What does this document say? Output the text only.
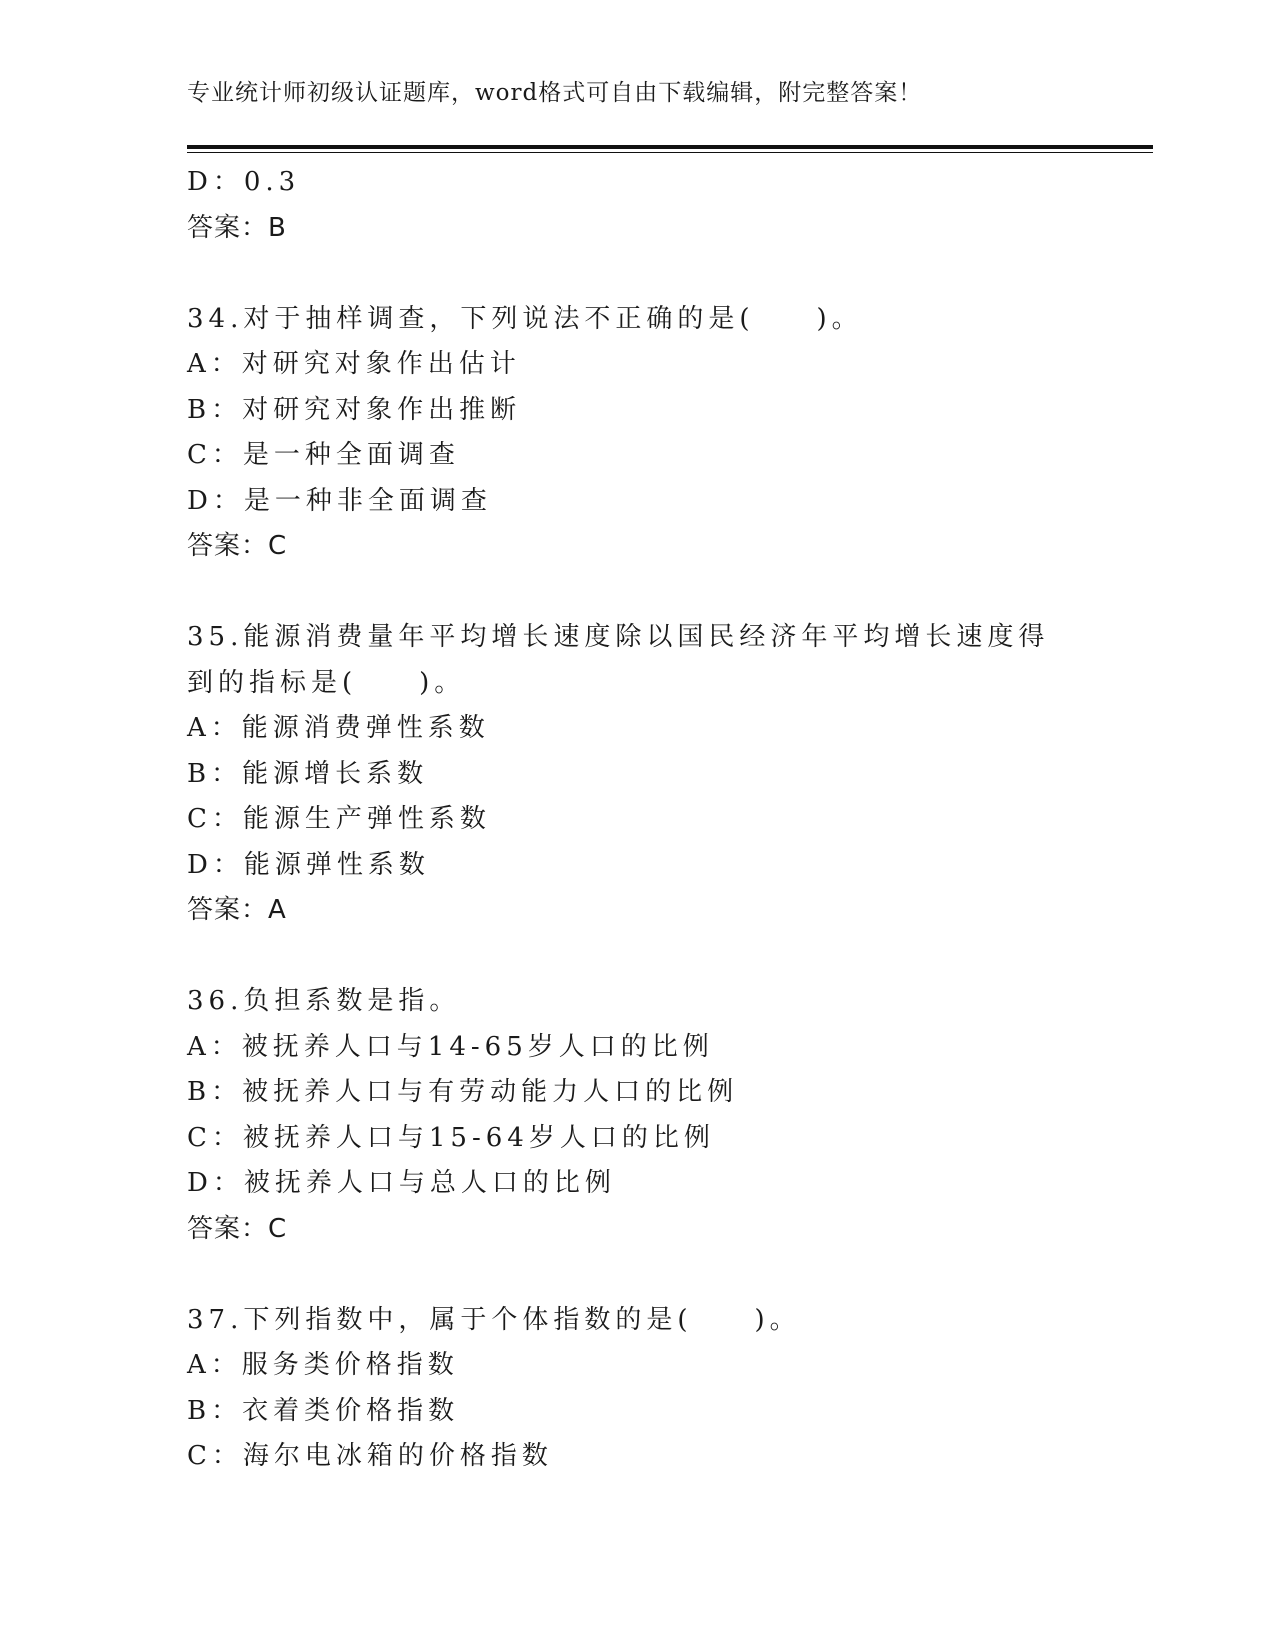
专业统计师初级认证题库，word格式可自由下载编辑，附完整答案！
D：0.3
答案：B
34.对于抽样调查，下列说法不正确的是(　　)。
A：对研究对象作出估计
B：对研究对象作出推断
C：是一种全面调查
D：是一种非全面调查
答案：C
35.能源消费量年平均增长速度除以国民经济年平均增长速度得到的指标是(　　)。
A：能源消费弹性系数
B：能源增长系数
C：能源生产弹性系数
D：能源弹性系数
答案：A
36.负担系数是指。
A：被抚养人口与14-65岁人口的比例
B：被抚养人口与有劳动能力人口的比例
C：被抚养人口与15-64岁人口的比例
D：被抚养人口与总人口的比例
答案：C
37.下列指数中，属于个体指数的是(　　)。
A：服务类价格指数
B：衣着类价格指数
C：海尔电冰箱的价格指数
